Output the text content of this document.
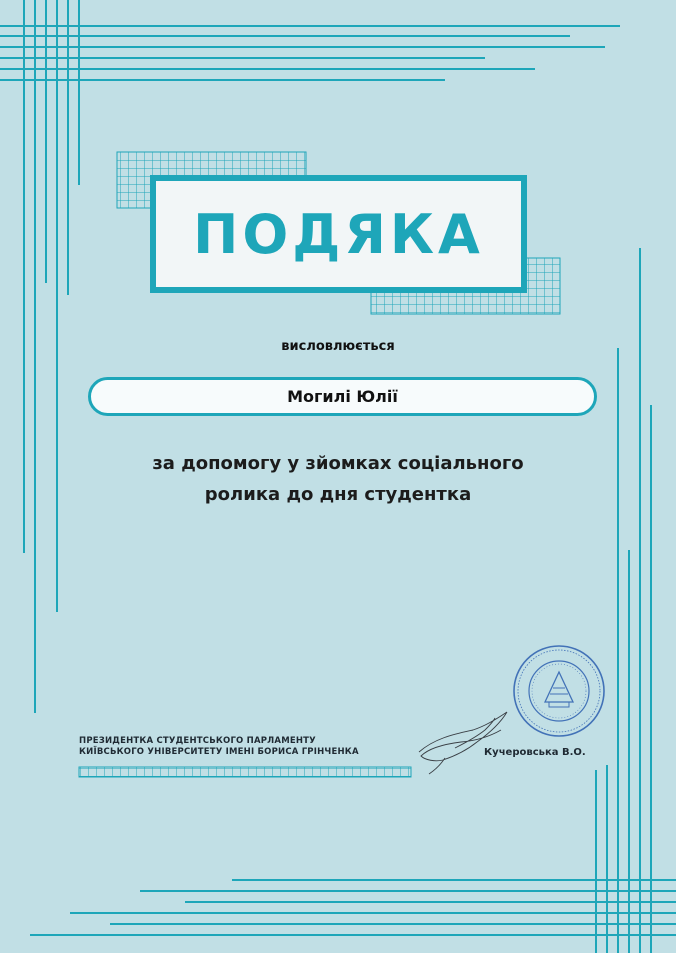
ПОДЯКА
висловлюється
Могилі Юлії
за допомогу у зйомках соціального
ролика до дня студентка
ПРЕЗИДЕНТКА СТУДЕНТСЬКОГО ПАРЛАМЕНТУ
КИЇВСЬКОГО УНІВЕРСИТЕТУ ІМЕНІ БОРИСА ГРІНЧЕНКА	Кучеровська В.О.
